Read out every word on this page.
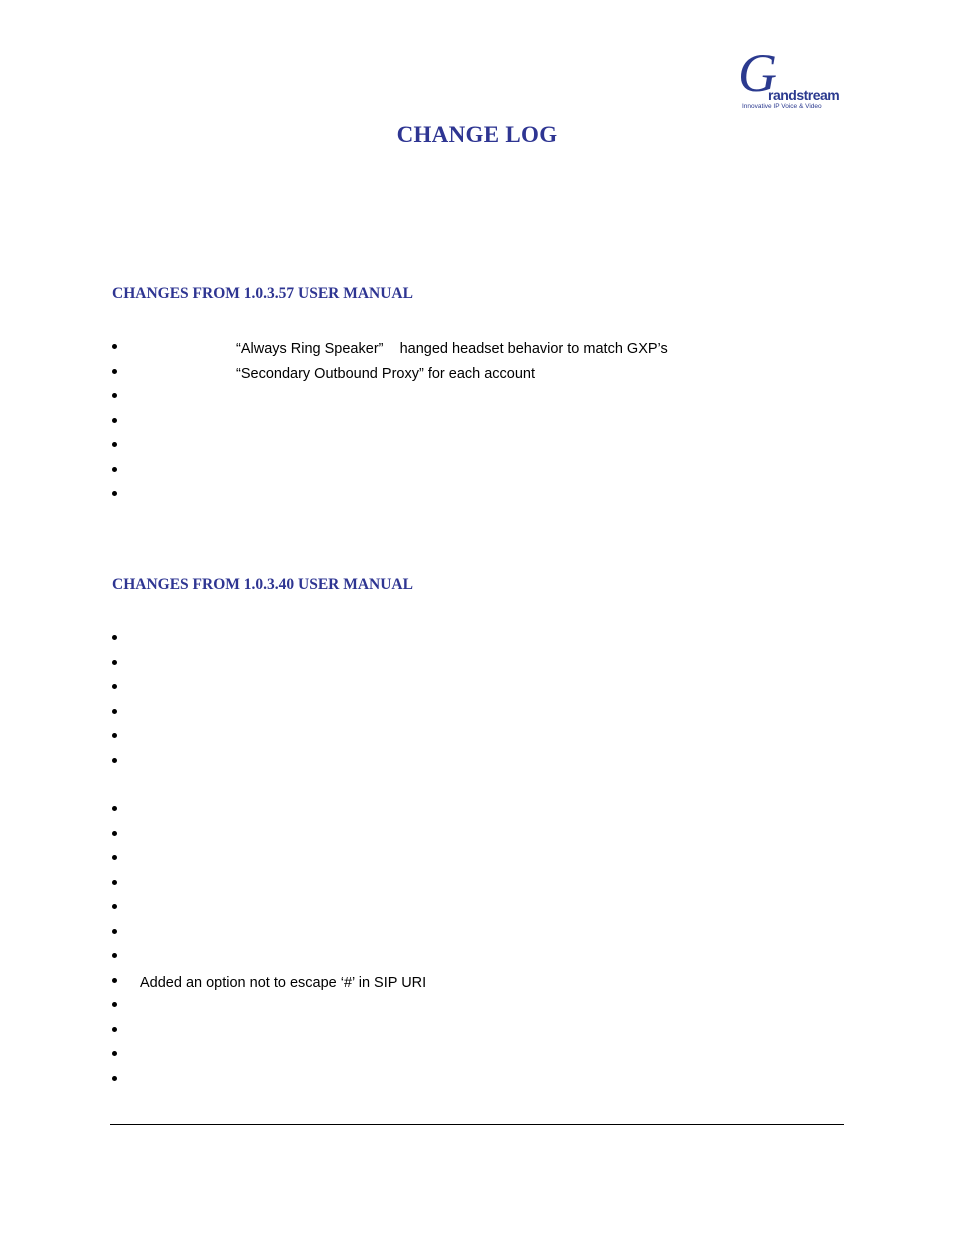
G
randstream
Innovative IP Voice & Video
CHANGE LOG
CHANGES FROM 1.0.3.57 USER MANUAL
“Always Ring Speaker”    hanged headset behavior to match GXP’s
“Secondary Outbound Proxy” for each account
CHANGES FROM 1.0.3.40 USER MANUAL
Added an option not to escape ‘#’ in SIP URI
